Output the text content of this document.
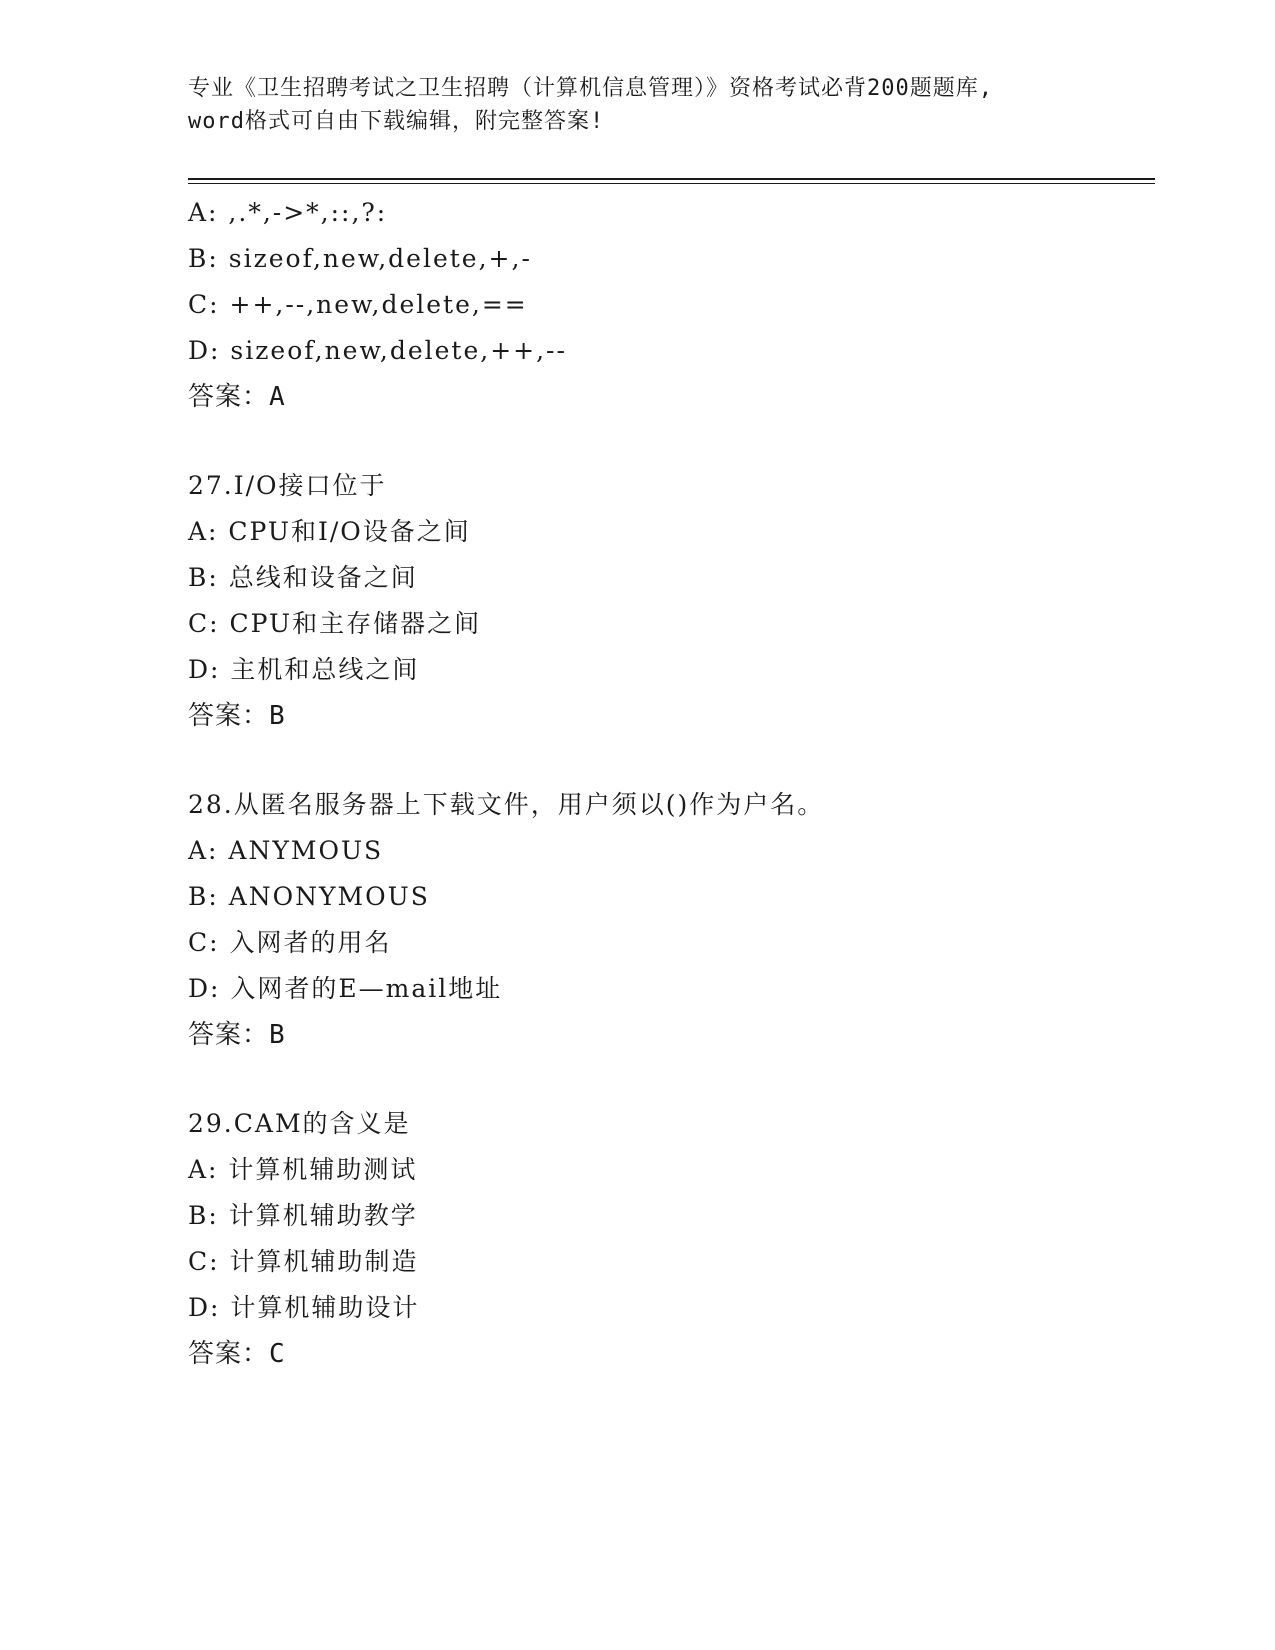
专业《卫生招聘考试之卫生招聘（计算机信息管理）》资格考试必背200题题库,
word格式可自由下载编辑，附完整答案!
A: ,.*,->*,::,?:
B: sizeof,new,delete,+,-
C: ++,--,new,delete,==
D: sizeof,new,delete,++,--
答案：A
27.I/O接口位于
A: CPU和I/O设备之间
B: 总线和设备之间
C: CPU和主存储器之间
D: 主机和总线之间
答案：B
28.从匿名服务器上下载文件，用户须以()作为户名。
A: ANYMOUS
B: ANONYMOUS
C: 入网者的用名
D: 入网者的E—mail地址
答案：B
29.CAM的含义是
A: 计算机辅助测试
B: 计算机辅助教学
C: 计算机辅助制造
D: 计算机辅助设计
答案：C
